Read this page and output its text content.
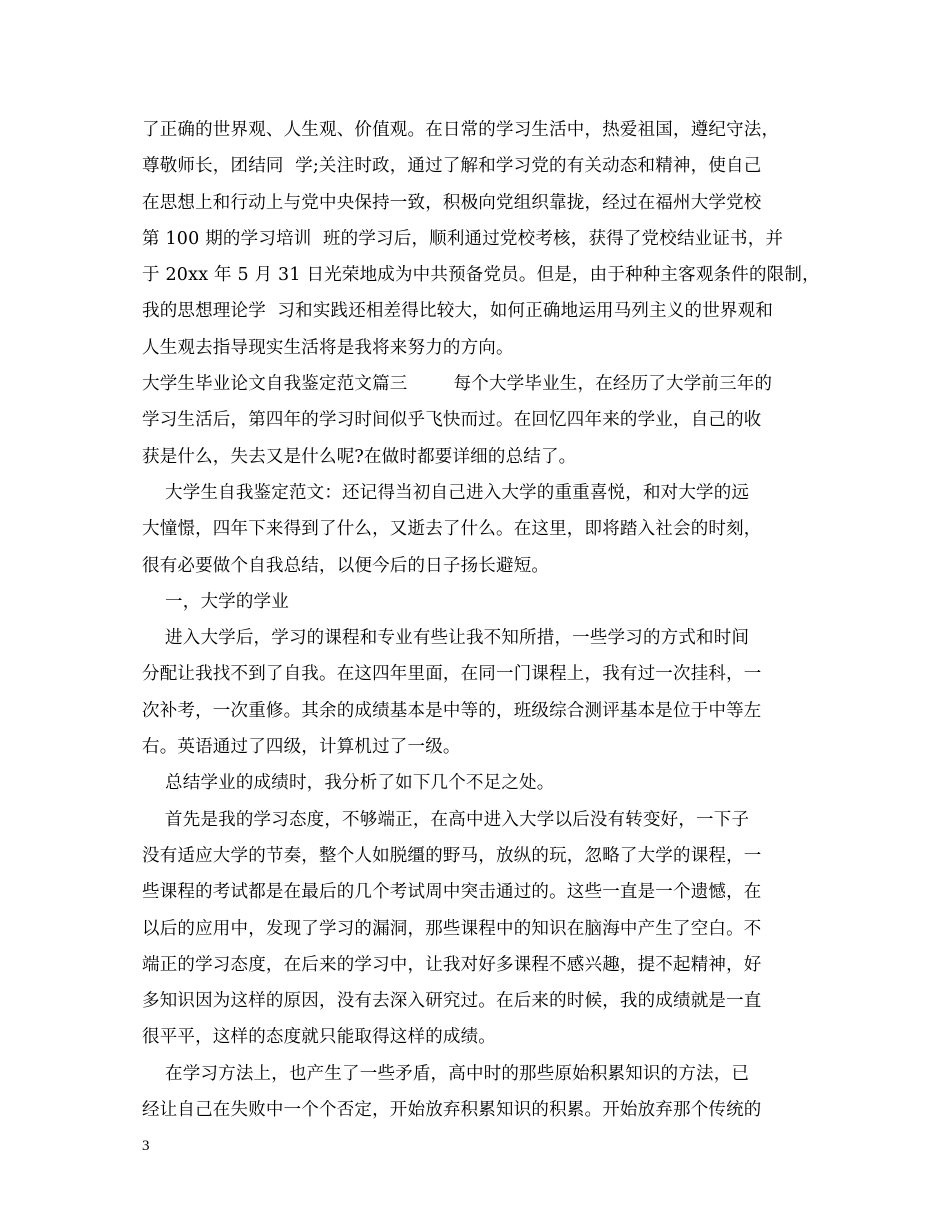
了正确的世界观、人生观、价值观。在日常的学习生活中，热爱祖国，遵纪守法，
尊敬师长，团结同  学;关注时政，通过了解和学习党的有关动态和精神，使自己
在思想上和行动上与党中央保持一致，积极向党组织靠拢，经过在福州大学党校
第 100 期的学习培训  班的学习后，顺利通过党校考核，获得了党校结业证书，并
于 20xx 年 5 月 31 日光荣地成为中共预备党员。但是，由于种种主客观条件的限制，
我的思想理论学  习和实践还相差得比较大，如何正确地运用马列主义的世界观和
人生观去指导现实生活将是我将来努力的方向。
大学生毕业论文自我鉴定范文篇三        每个大学毕业生，在经历了大学前三年的
学习生活后，第四年的学习时间似乎飞快而过。在回忆四年来的学业，自己的收
获是什么，失去又是什么呢?在做时都要详细的总结了。
大学生自我鉴定范文：还记得当初自己进入大学的重重喜悦，和对大学的远
大憧憬，四年下来得到了什么，又逝去了什么。在这里，即将踏入社会的时刻，
很有必要做个自我总结，以便今后的日子扬长避短。
一，大学的学业
进入大学后，学习的课程和专业有些让我不知所措，一些学习的方式和时间
分配让我找不到了自我。在这四年里面，在同一门课程上，我有过一次挂科，一
次补考，一次重修。其余的成绩基本是中等的，班级综合测评基本是位于中等左
右。英语通过了四级，计算机过了一级。
总结学业的成绩时，我分析了如下几个不足之处。
首先是我的学习态度，不够端正，在高中进入大学以后没有转变好，一下子
没有适应大学的节奏，整个人如脱缰的野马，放纵的玩，忽略了大学的课程，一
些课程的考试都是在最后的几个考试周中突击通过的。这些一直是一个遗憾，在
以后的应用中，发现了学习的漏洞，那些课程中的知识在脑海中产生了空白。不
端正的学习态度，在后来的学习中，让我对好多课程不感兴趣，提不起精神，好
多知识因为这样的原因，没有去深入研究过。在后来的时候，我的成绩就是一直
很平平，这样的态度就只能取得这样的成绩。
在学习方法上，也产生了一些矛盾，高中时的那些原始积累知识的方法，已
经让自己在失败中一个个否定，开始放弃积累知识的积累。开始放弃那个传统的
3
